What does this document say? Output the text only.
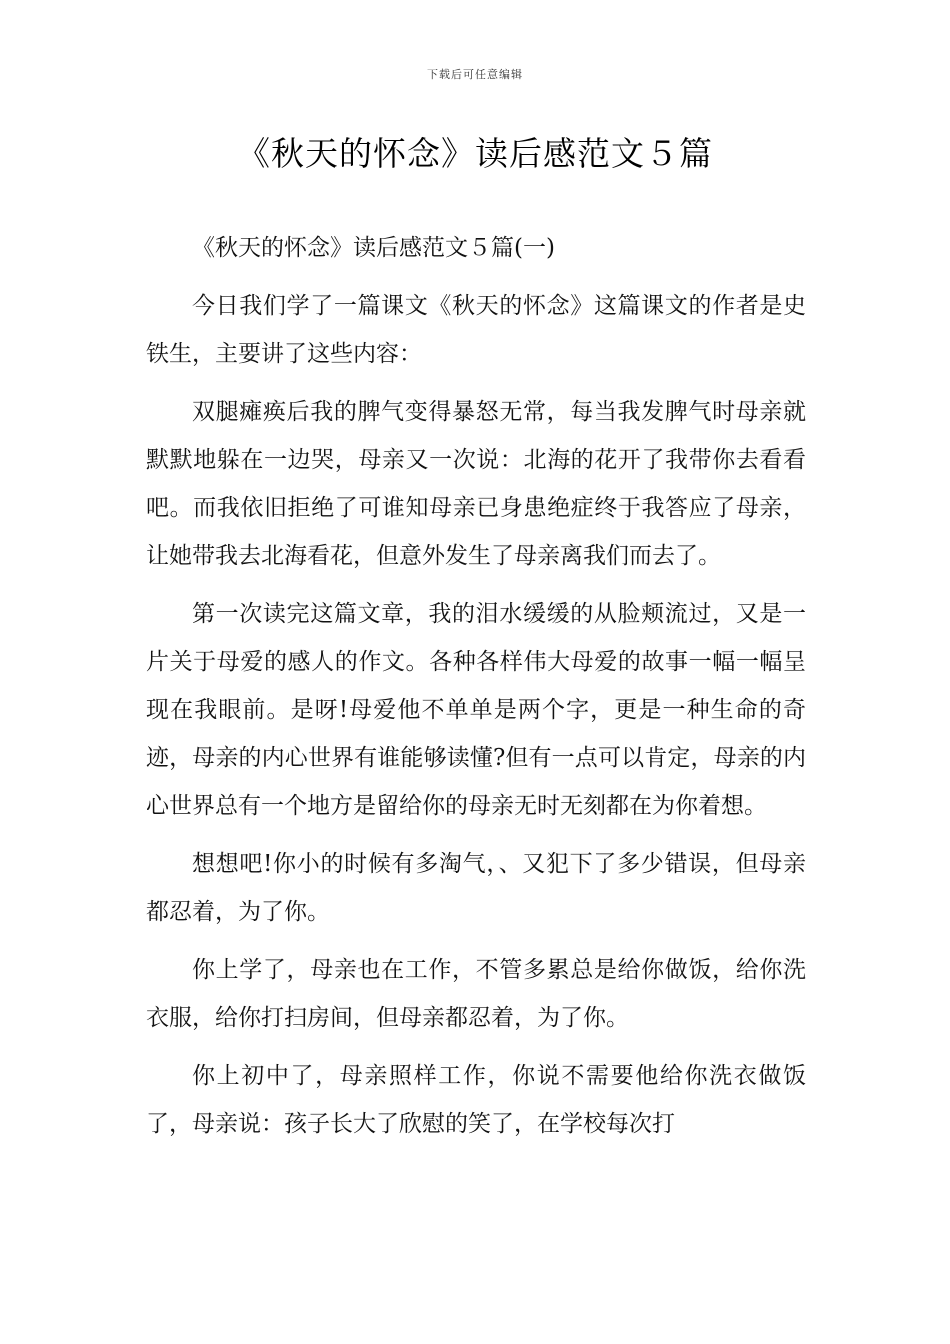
下载后可任意编辑
《秋天的怀念》读后感范文５篇

《秋天的怀念》读后感范文５篇(一)

今日我们学了一篇课文《秋天的怀念》这篇课文的作者是史铁生，主要讲了这些内容：

双腿瘫痪后我的脾气变得暴怒无常，每当我发脾气时母亲就默默地躲在一边哭，母亲又一次说：北海的花开了我带你去看看吧。而我依旧拒绝了可谁知母亲已身患绝症终于我答应了母亲，让她带我去北海看花，但意外发生了母亲离我们而去了。

第一次读完这篇文章，我的泪水缓缓的从脸颊流过，又是一片关于母爱的感人的作文。各种各样伟大母爱的故事一幅一幅呈现在我眼前。是呀!母爱他不单单是两个字，更是一种生命的奇迹，母亲的内心世界有谁能够读懂?但有一点可以肯定，母亲的内心世界总有一个地方是留给你的母亲无时无刻都在为你着想。

想想吧!你小的时候有多淘气，、又犯下了多少错误，但母亲都忍着，为了你。

你上学了，母亲也在工作，不管多累总是给你做饭，给你洗衣服，给你打扫房间，但母亲都忍着，为了你。

你上初中了，母亲照样工作，你说不需要他给你洗衣做饭了，母亲说：孩子长大了欣慰的笑了，在学校每次打
